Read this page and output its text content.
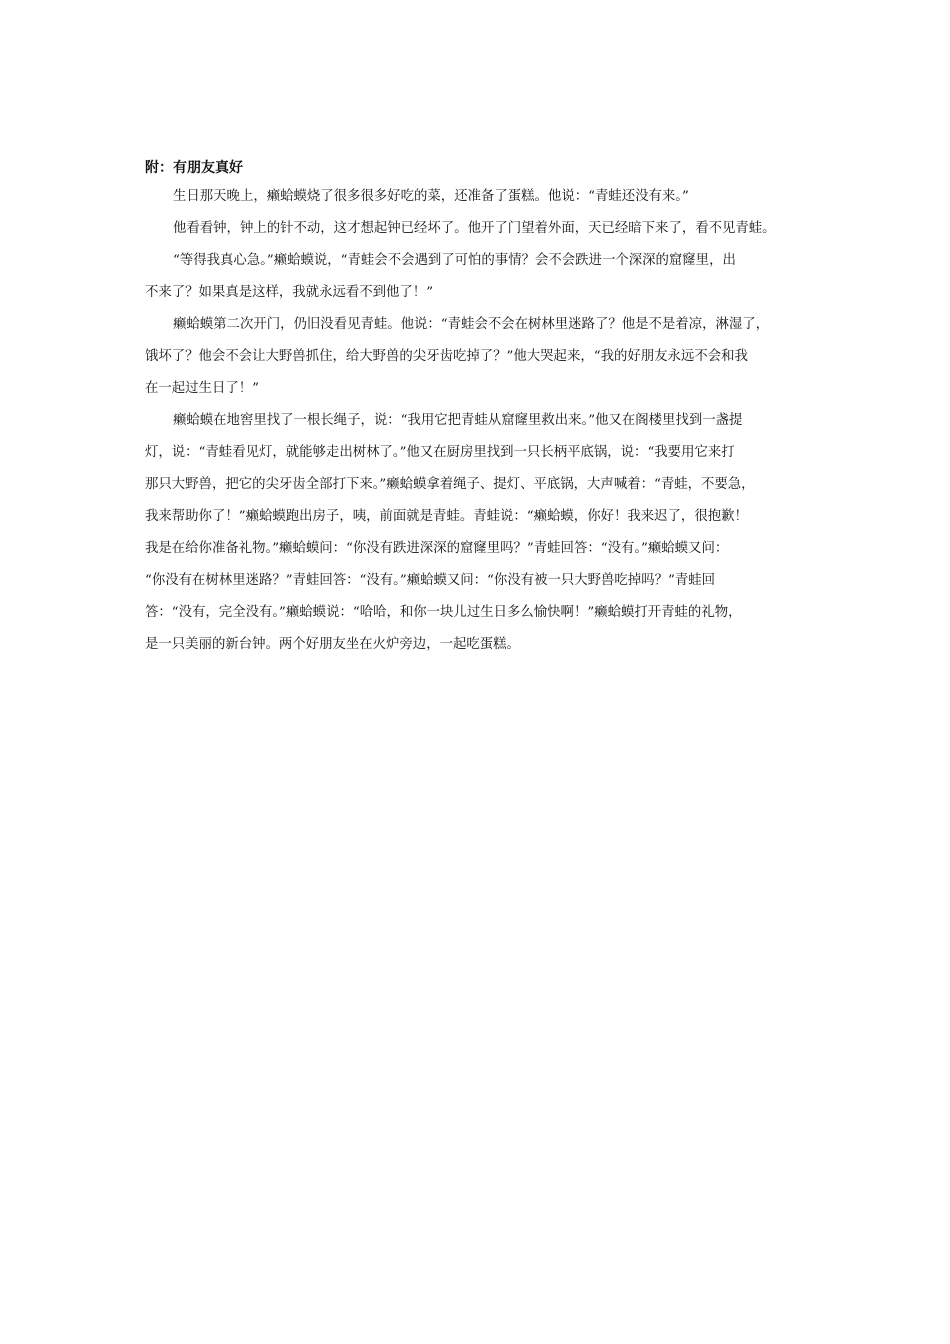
附：有朋友真好
生日那天晚上，癞蛤蟆烧了很多很多好吃的菜，还准备了蛋糕。他说：“青蛙还没有来。”
他看看钟，钟上的针不动，这才想起钟已经坏了。他开了门望着外面，天已经暗下来了，看不见青蛙。
“等得我真心急。”癞蛤蟆说，“青蛙会不会遇到了可怕的事情？会不会跌进一个深深的窟窿里，出
不来了？如果真是这样，我就永远看不到他了！”
癞蛤蟆第二次开门，仍旧没看见青蛙。他说：“青蛙会不会在树林里迷路了？他是不是着凉，淋湿了，
饿坏了？他会不会让大野兽抓住，给大野兽的尖牙齿吃掉了？”他大哭起来，“我的好朋友永远不会和我
在一起过生日了！”
癞蛤蟆在地窖里找了一根长绳子，说：“我用它把青蛙从窟窿里救出来。”他又在阁楼里找到一盏提
灯，说：“青蛙看见灯，就能够走出树林了。”他又在厨房里找到一只长柄平底锅，说：“我要用它来打
那只大野兽，把它的尖牙齿全部打下来。”癞蛤蟆拿着绳子、提灯、平底锅，大声喊着：“青蛙，不要急，
我来帮助你了！”癞蛤蟆跑出房子，咦，前面就是青蛙。青蛙说：“癞蛤蟆，你好！我来迟了，很抱歉！
我是在给你准备礼物。”癞蛤蟆问：“你没有跌进深深的窟窿里吗？”青蛙回答：“没有。”癞蛤蟆又问：
“你没有在树林里迷路？”青蛙回答：“没有。”癞蛤蟆又问：“你没有被一只大野兽吃掉吗？”青蛙回
答：“没有，完全没有。”癞蛤蟆说：“哈哈，和你一块儿过生日多么愉快啊！”癞蛤蟆打开青蛙的礼物，
是一只美丽的新台钟。两个好朋友坐在火炉旁边，一起吃蛋糕。
